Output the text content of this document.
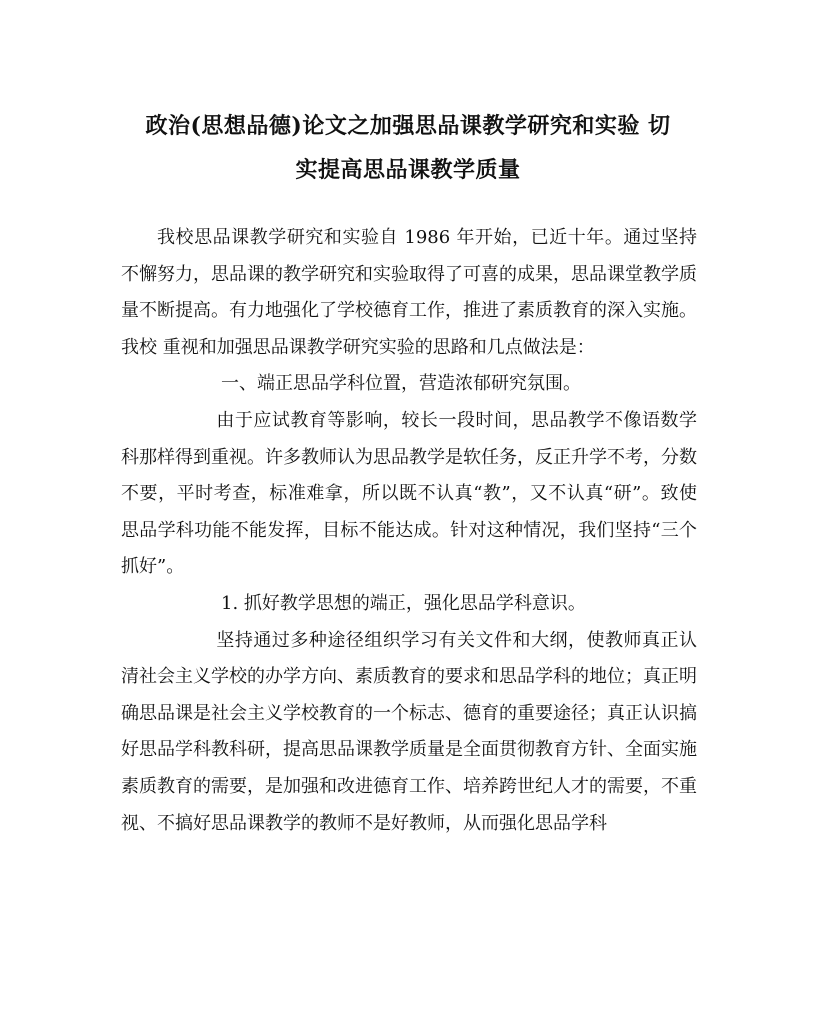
政治(思想品德)论文之加强思品课教学研究和实验 切
实提高思品课教学质量

我校思品课教学研究和实验自 1986 年开始，已近十年。通过坚持不懈努力，思品课的教学研究和实验取得了可喜的成果，思品课堂教学质量不断提高。有力地强化了学校德育工作，推进了素质教育的深入实施。我校 重视和加强思品课教学研究实验的思路和几点做法是：

一、端正思品学科位置，营造浓郁研究氛围。

由于应试教育等影响，较长一段时间，思品教学不像语数学科那样得到重视。许多教师认为思品教学是软任务，反正升学不考，分数不要，平时考查，标准难拿，所以既不认真“教”，又不认真“研”。致使思品学科功能不能发挥，目标不能达成。针对这种情况，我们坚持“三个抓好”。

1. 抓好教学思想的端正，强化思品学科意识。

坚持通过多种途径组织学习有关文件和大纲，使教师真正认清社会主义学校的办学方向、素质教育的要求和思品学科的地位；真正明确思品课是社会主义学校教育的一个标志、德育的重要途径；真正认识搞好思品学科教科研，提高思品课教学质量是全面贯彻教育方针、全面实施素质教育的需要，是加强和改进德育工作、培养跨世纪人才的需要，不重视、不搞好思品课教学的教师不是好教师，从而强化思品学科
